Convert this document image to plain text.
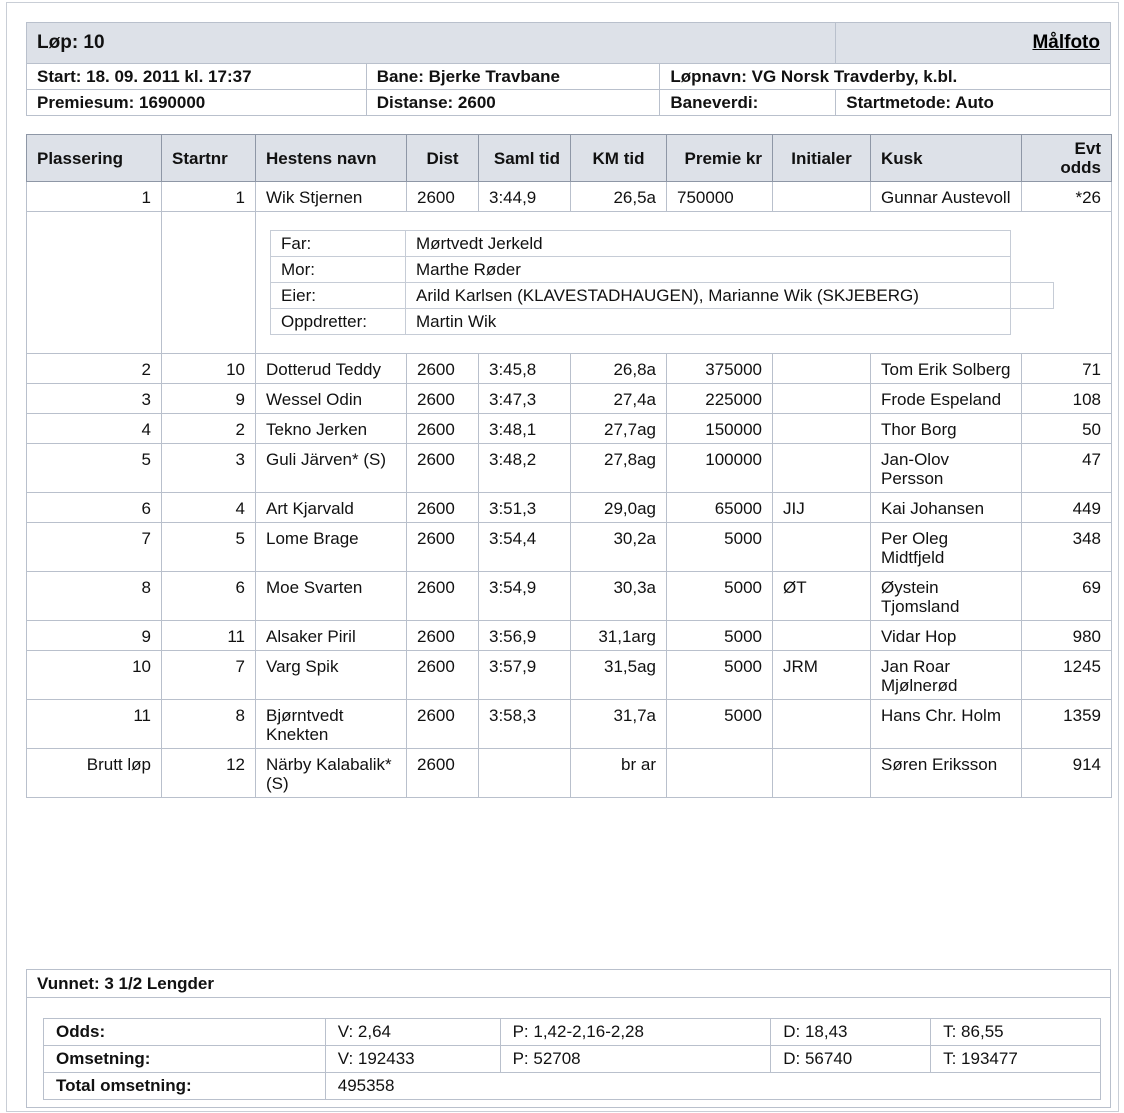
Løp: 10			Målfoto
Start: 18. 09. 2011 kl. 17:37	Bane: Bjerke Travbane	Løpnavn: VG Norsk Travderby, k.bl.	
Premiesum: 1690000	Distanse: 2600	Baneverdi:	Startmetode: Auto
Plassering	Startnr	Hestens navn	Dist	Saml tid	KM tid	Premie kr	Initialer	Kusk	Evt odds
1	1	Wik Stjernen	2600	3:44,9	26,5a	750000		Gunnar Austevoll	*26

Far:	Mørtvedt Jerkeld	
Mor:	Marthe Røder	
Eier:	Arild Karlsen (KLAVESTADHAUGEN), Marianne Wik (SKJEBERG)	
Oppdretter:	Martin Wik	

2	10	Dotterud Teddy	2600	3:45,8	26,8a	375000		Tom Erik Solberg	71
3	9	Wessel Odin	2600	3:47,3	27,4a	225000		Frode Espeland	108
4	2	Tekno Jerken	2600	3:48,1	27,7ag	150000		Thor Borg	50
5	3	Guli Järven* (S)	2600	3:48,2	27,8ag	100000		Jan-Olov Persson	47
6	4	Art Kjarvald	2600	3:51,3	29,0ag	65000	JIJ	Kai Johansen	449
7	5	Lome Brage	2600	3:54,4	30,2a	5000		Per Oleg Midtfjeld	348
8	6	Moe Svarten	2600	3:54,9	30,3a	5000	ØT	Øystein Tjomsland	69
9	11	Alsaker Piril	2600	3:56,9	31,1arg	5000		Vidar Hop	980
10	7	Varg Spik	2600	3:57,9	31,5ag	5000	JRM	Jan Roar Mjølnerød	1245
11	8	Bjørntvedt Knekten	2600	3:58,3	31,7a	5000		Hans Chr. Holm	1359
Brutt løp	12	Närby Kalabalik* (S)	2600		br ar			Søren Eriksson	914
Vunnet: 3 1/2 Lengder
Odds:	V: 2,64	P: 1,42-2,16-2,28	D: 18,43	T: 86,55
Omsetning:	V: 192433	P: 52708	D: 56740	T: 193477
Total omsetning:	495358			
